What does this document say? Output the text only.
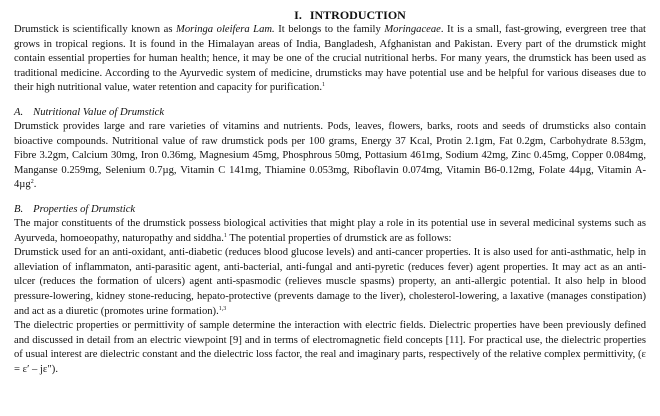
I. INTRODUCTION

Drumstick is scientifically known as Moringa oleifera Lam. It belongs to the family Moringaceae. It is a small, fast-growing, evergreen tree that grows in tropical regions. It is found in the Himalayan areas of India, Bangladesh, Afghanistan and Pakistan. Every part of the drumstick might contain essential properties for human health; hence, it may be one of the crucial nutritional herbs. For many years, the drumstick has been used as traditional medicine. According to the Ayurvedic system of medicine, drumsticks may have potential use and be helpful for various diseases due to their high nutritional value, water retention and capacity for purification.$^1$

A. Nutritional Value of Drumstick

Drumstick provides large and rare varieties of vitamins and nutrients. Pods, leaves, flowers, barks, roots and seeds of drumsticks also contain bioactive compounds. Nutritional value of raw drumstick pods per 100 grams, Energy 37 Kcal, Protin 2.1gm, Fat 0.2gm, Carbohydrate 8.53gm, Fibre 3.2gm, Calcium 30mg, Iron 0.36mg, Magnesium 45mg, Phosphrous 50mg, Pottasium 461mg, Sodium 42mg, Zinc 0.45mg, Copper 0.084mg, Manganse 0.259mg, Selenium 0.7µg, Vitamin C 141mg, Thiamine 0.053mg, Riboflavin 0.074mg, Vitamin B6-0.12mg, Folate 44µg, Vitamin A-4µg$^2$.

B. Properties of Drumstick

The major constituents of the drumstick possess biological activities that might play a role in its potential use in several medicinal systems such as Ayurveda, homoeopathy, naturopathy and siddha.$^1$ The potential properties of drumstick are as follows:

Drumstick used for an anti-oxidant, anti-diabetic (reduces blood glucose levels) and anti-cancer properties. It is also used for anti-asthmatic, help in alleviation of inflammaton, anti-parasitic agent, anti-bacterial, anti-fungal and anti-pyretic (reduces fever) agent properties. It may act as an anti-ulcer (reduces the formation of ulcers) agent anti-spasmodic (relieves muscle spasms) property, an anti-allergic potential. It also help in blood pressure-lowering, kidney stone-reducing, hepato-protective (prevents damage to the liver), cholesterol-lowering, a laxative (manages constipation) and act as a diuretic (promotes urine formation).$^{1,3}$

The dielectric properties or permittivity of sample determine the interaction with electric fields. Dielectric properties have been previously defined and discussed in detail from an electric viewpoint [9] and in terms of electromagnetic field concepts [11]. For practical use, the dielectric properties of usual interest are dielectric constant and the dielectric loss factor, the real and imaginary parts, respectively of the relative complex permittivity, (ε = ε′ – jε″).
